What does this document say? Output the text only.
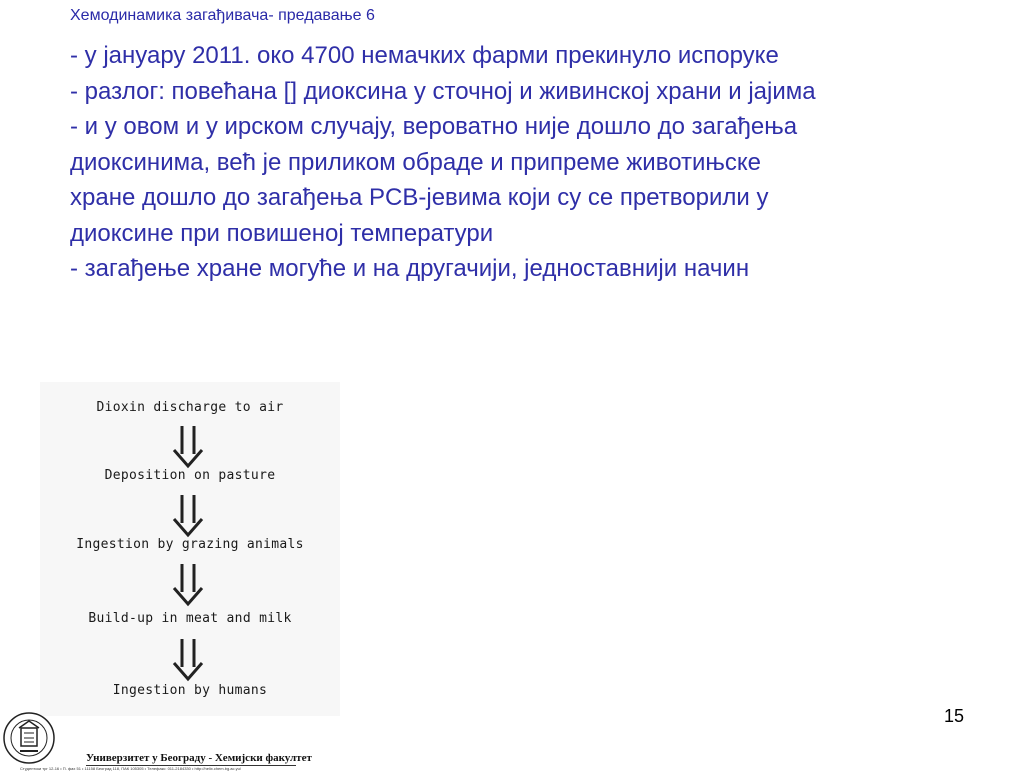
Хемодинамика загађивача- предавање 6
- у јануару 2011. око 4700 немачких фарми прекинуло испоруке
- разлог: повећана [] диоксина у сточној и живинској храни и јајима
- и у овом и у ирском случају, вероватно није дошло до загађења
диоксинима, већ је приликом обраде и припреме животињске
хране дошло до загађења PCB-јевима који су се претворили у
диоксине при повишеној температури
- загађење хране могуће и на другачији, једноставнији начин
Dioxin discharge to air
Deposition on pasture
Ingestion by grazing animals
Build-up in meat and milk
Ingestion by humans
Универзитет у Београду - Хемијски факултет
Студентски трг 12-16 • П. фах 51 • 11158 Београд 118, ПАК 105305 • Телефакс: 011-2184330 • http://helix.chem.bg.ac.yu/
15
